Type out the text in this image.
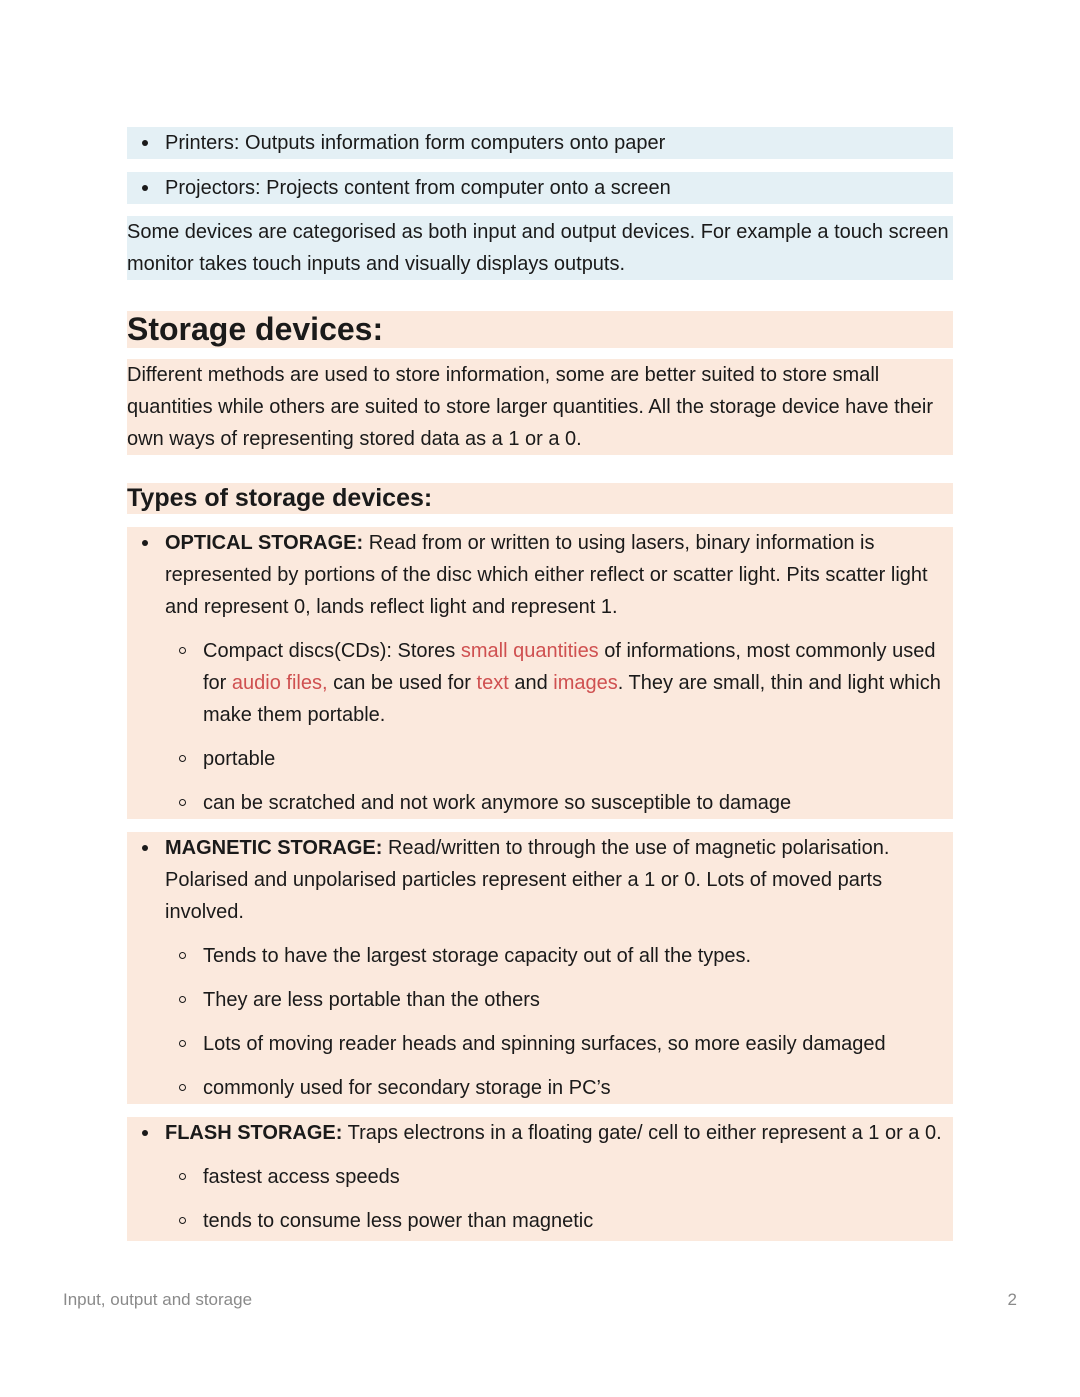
Printers: Outputs information form computers onto paper
Projectors: Projects content from computer onto a screen
Some devices are categorised as both input and output devices. For example a touch screen monitor takes touch inputs and visually displays outputs.
Storage devices:
Different methods are used to store information, some are better suited to store small quantities while others are suited to store larger quantities. All the storage device have their own ways of representing stored data as a 1 or a 0.
Types of storage devices:
OPTICAL STORAGE: Read from or written to using lasers, binary information is represented by portions of the disc which either reflect or scatter light. Pits scatter light and represent 0, lands reflect light and represent 1.
Compact discs(CDs): Stores small quantities of informations, most commonly used for audio files, can be used for text and images. They are small, thin and light which make them portable.
portable
can be scratched and not work anymore so susceptible to damage
MAGNETIC STORAGE: Read/written to through the use of magnetic polarisation. Polarised and unpolarised particles represent either a 1 or 0. Lots of moved parts involved.
Tends to have the largest storage capacity out of all the types.
They are less portable than the others
Lots of moving reader heads and spinning surfaces, so more easily damaged
commonly used for secondary storage in PC’s
FLASH STORAGE: Traps electrons in a floating gate/ cell to either represent a 1 or a 0.
fastest access speeds
tends to consume less power than magnetic
Input, output and storage	2
